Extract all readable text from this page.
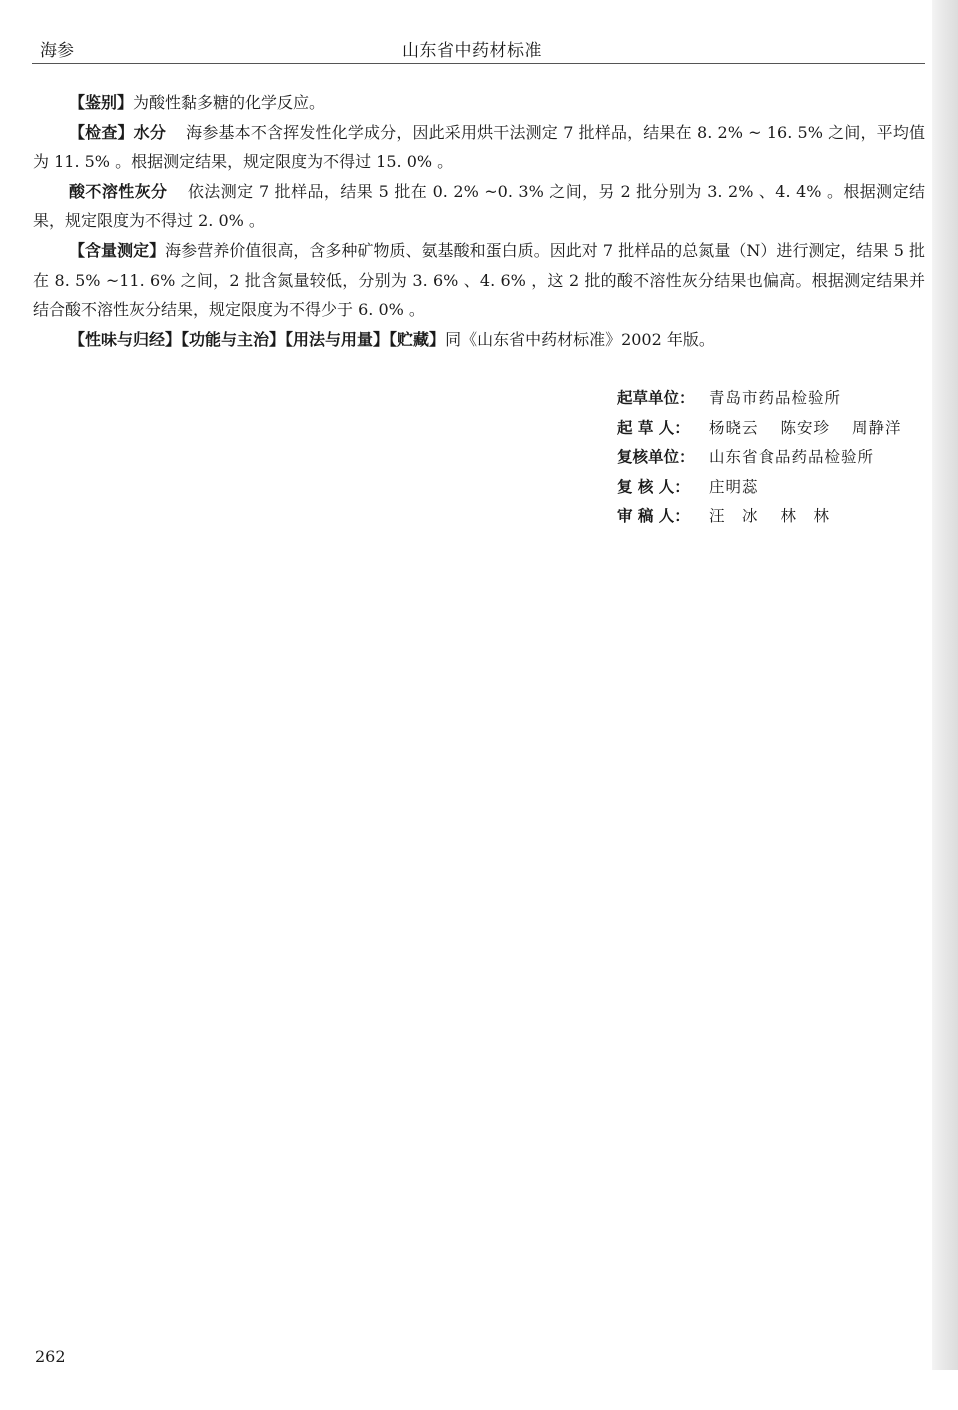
海参	山东省中药材标准

【鉴别】为酸性黏多糖的化学反应。

【检查】水分 海参基本不含挥发性化学成分，因此采用烘干法测定 7 批样品，结果在 8. 2% ~ 16. 5% 之间，平均值为 11. 5% 。根据测定结果，规定限度为不得过 15. 0% 。

酸不溶性灰分 依法测定 7 批样品，结果 5 批在 0. 2% ~0. 3% 之间，另 2 批分别为 3. 2% 、4. 4% 。根据测定结果，规定限度为不得过 2. 0% 。

【含量测定】海参营养价值很高，含多种矿物质、氨基酸和蛋白质。因此对 7 批样品的总氮量（N）进行测定，结果 5 批在 8. 5% ~11. 6% 之间，2 批含氮量较低，分别为 3. 6% 、4. 6% ，这 2 批的酸不溶性灰分结果也偏高。根据测定结果并结合酸不溶性灰分结果，规定限度为不得少于 6. 0% 。

【性味与归经】【功能与主治】【用法与用量】【贮藏】同《山东省中药材标准》2002 年版。

起草单位： 青岛市药品检验所
起 草 人： 杨晓云 陈安珍 周静洋
复核单位： 山东省食品药品检验所
复 核 人： 庄明蕊
审 稿 人： 汪　冰 林　林
262
